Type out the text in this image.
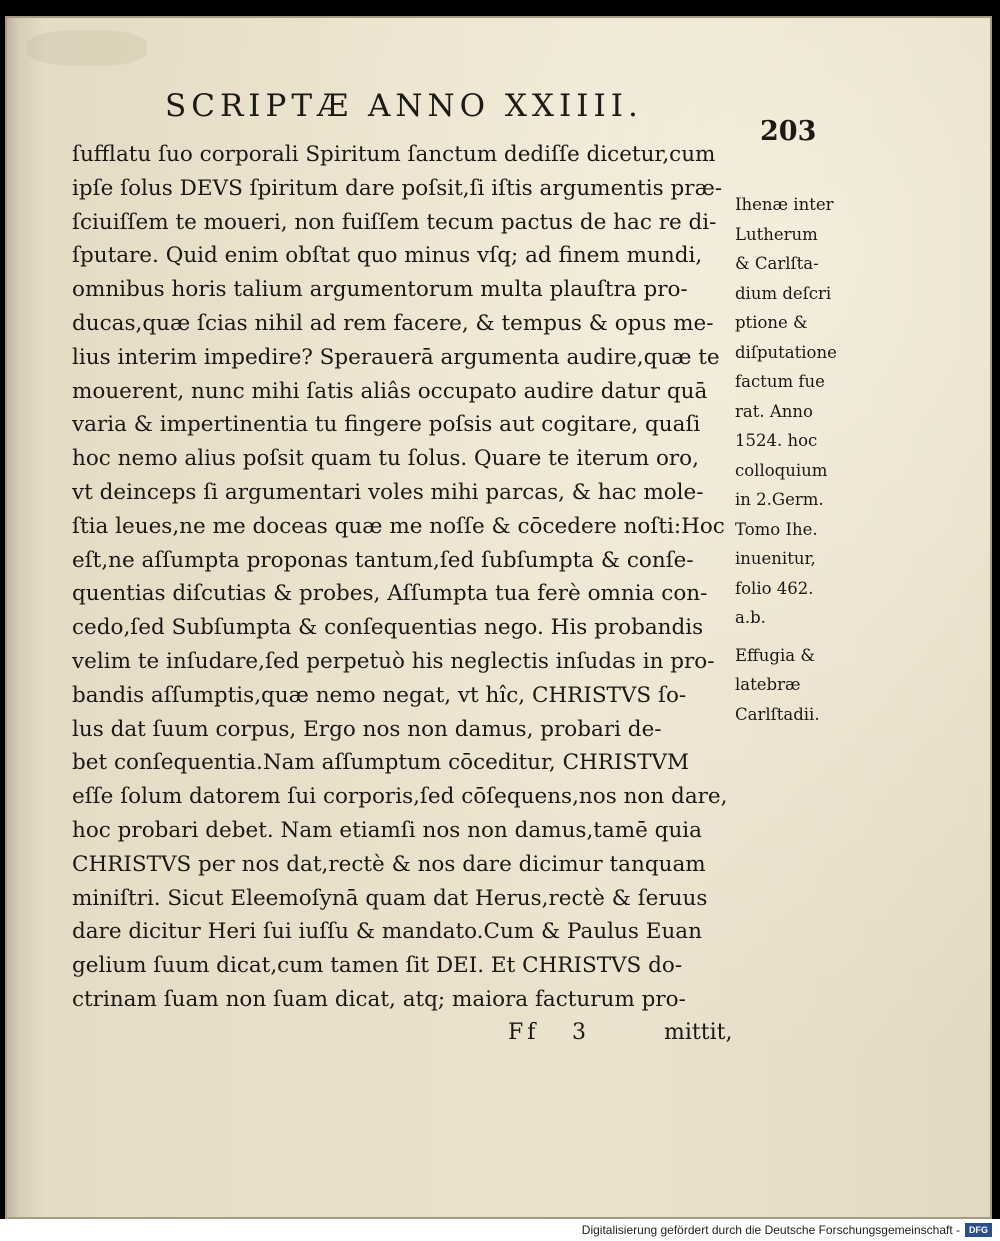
SCRIPTÆ ANNO XXIIII.
203
ſufflatu ſuo corporali Spiritum ſanctum dediſſe dicetur,cum
ipſe ſolus DEVS ſpiritum dare poſsit,ſi iſtis argumentis præ-
ſciuiſſem te moueri, non fuiſſem tecum pactus de hac re di-
ſputare. Quid enim obſtat quo minus vſq; ad finem mundi,
omnibus horis talium argumentorum multa plauſtra pro-
ducas,quæ ſcias nihil ad rem facere, & tempus & opus me-
lius interim impedire? Sperauerā argumenta audire,quæ te
mouerent, nunc mihi ſatis aliâs occupato audire datur quā
varia & impertinentia tu fingere poſsis aut cogitare, quaſi
hoc nemo alius poſsit quam tu ſolus. Quare te iterum oro,
vt deinceps ſi argumentari voles mihi parcas, & hac mole-
ſtia leues,ne me doceas quæ me noſſe & cōcedere noſti:Hoc
eſt,ne aſſumpta proponas tantum,ſed ſubſumpta & conſe-
quentias diſcutias & probes, Aſſumpta tua ferè omnia con-
cedo,ſed Subſumpta & conſequentias nego. His probandis
velim te inſudare,ſed perpetuò his neglectis inſudas in pro-
bandis aſſumptis,quæ nemo negat, vt hîc, CHRISTVS ſo-
lus dat ſuum corpus, Ergo nos non damus, probari de-
bet conſequentia.Nam aſſumptum cōceditur, CHRISTVM
eſſe ſolum datorem ſui corporis,ſed cōſequens,nos non dare,
hoc probari debet. Nam etiamſi nos non damus,tamē quia
CHRISTVS per nos dat,rectè & nos dare dicimur tanquam
miniſtri. Sicut Eleemoſynā quam dat Herus,rectè & ſeruus
dare dicitur Heri ſui iuſſu & mandato.Cum & Paulus Euan
gelium ſuum dicat,cum tamen ſit DEI. Et CHRISTVS do-
ctrinam ſuam non ſuam dicat, atq; maiora facturum pro-
Ihenæ inter
Lutherum
& Carlſta-
dium deſcri
ptione &
diſputatione
factum fue
rat. Anno
1524. hoc
colloquium
in 2.Germ.
Tomo Ihe.
inuenitur,
folio 462.
a.b.
Effugia &
latebræ
Carlſtadii.
Ff 3	mittit,
Digitalisierung gefördert durch die Deutsche Forschungsgemeinschaft -	DFG
